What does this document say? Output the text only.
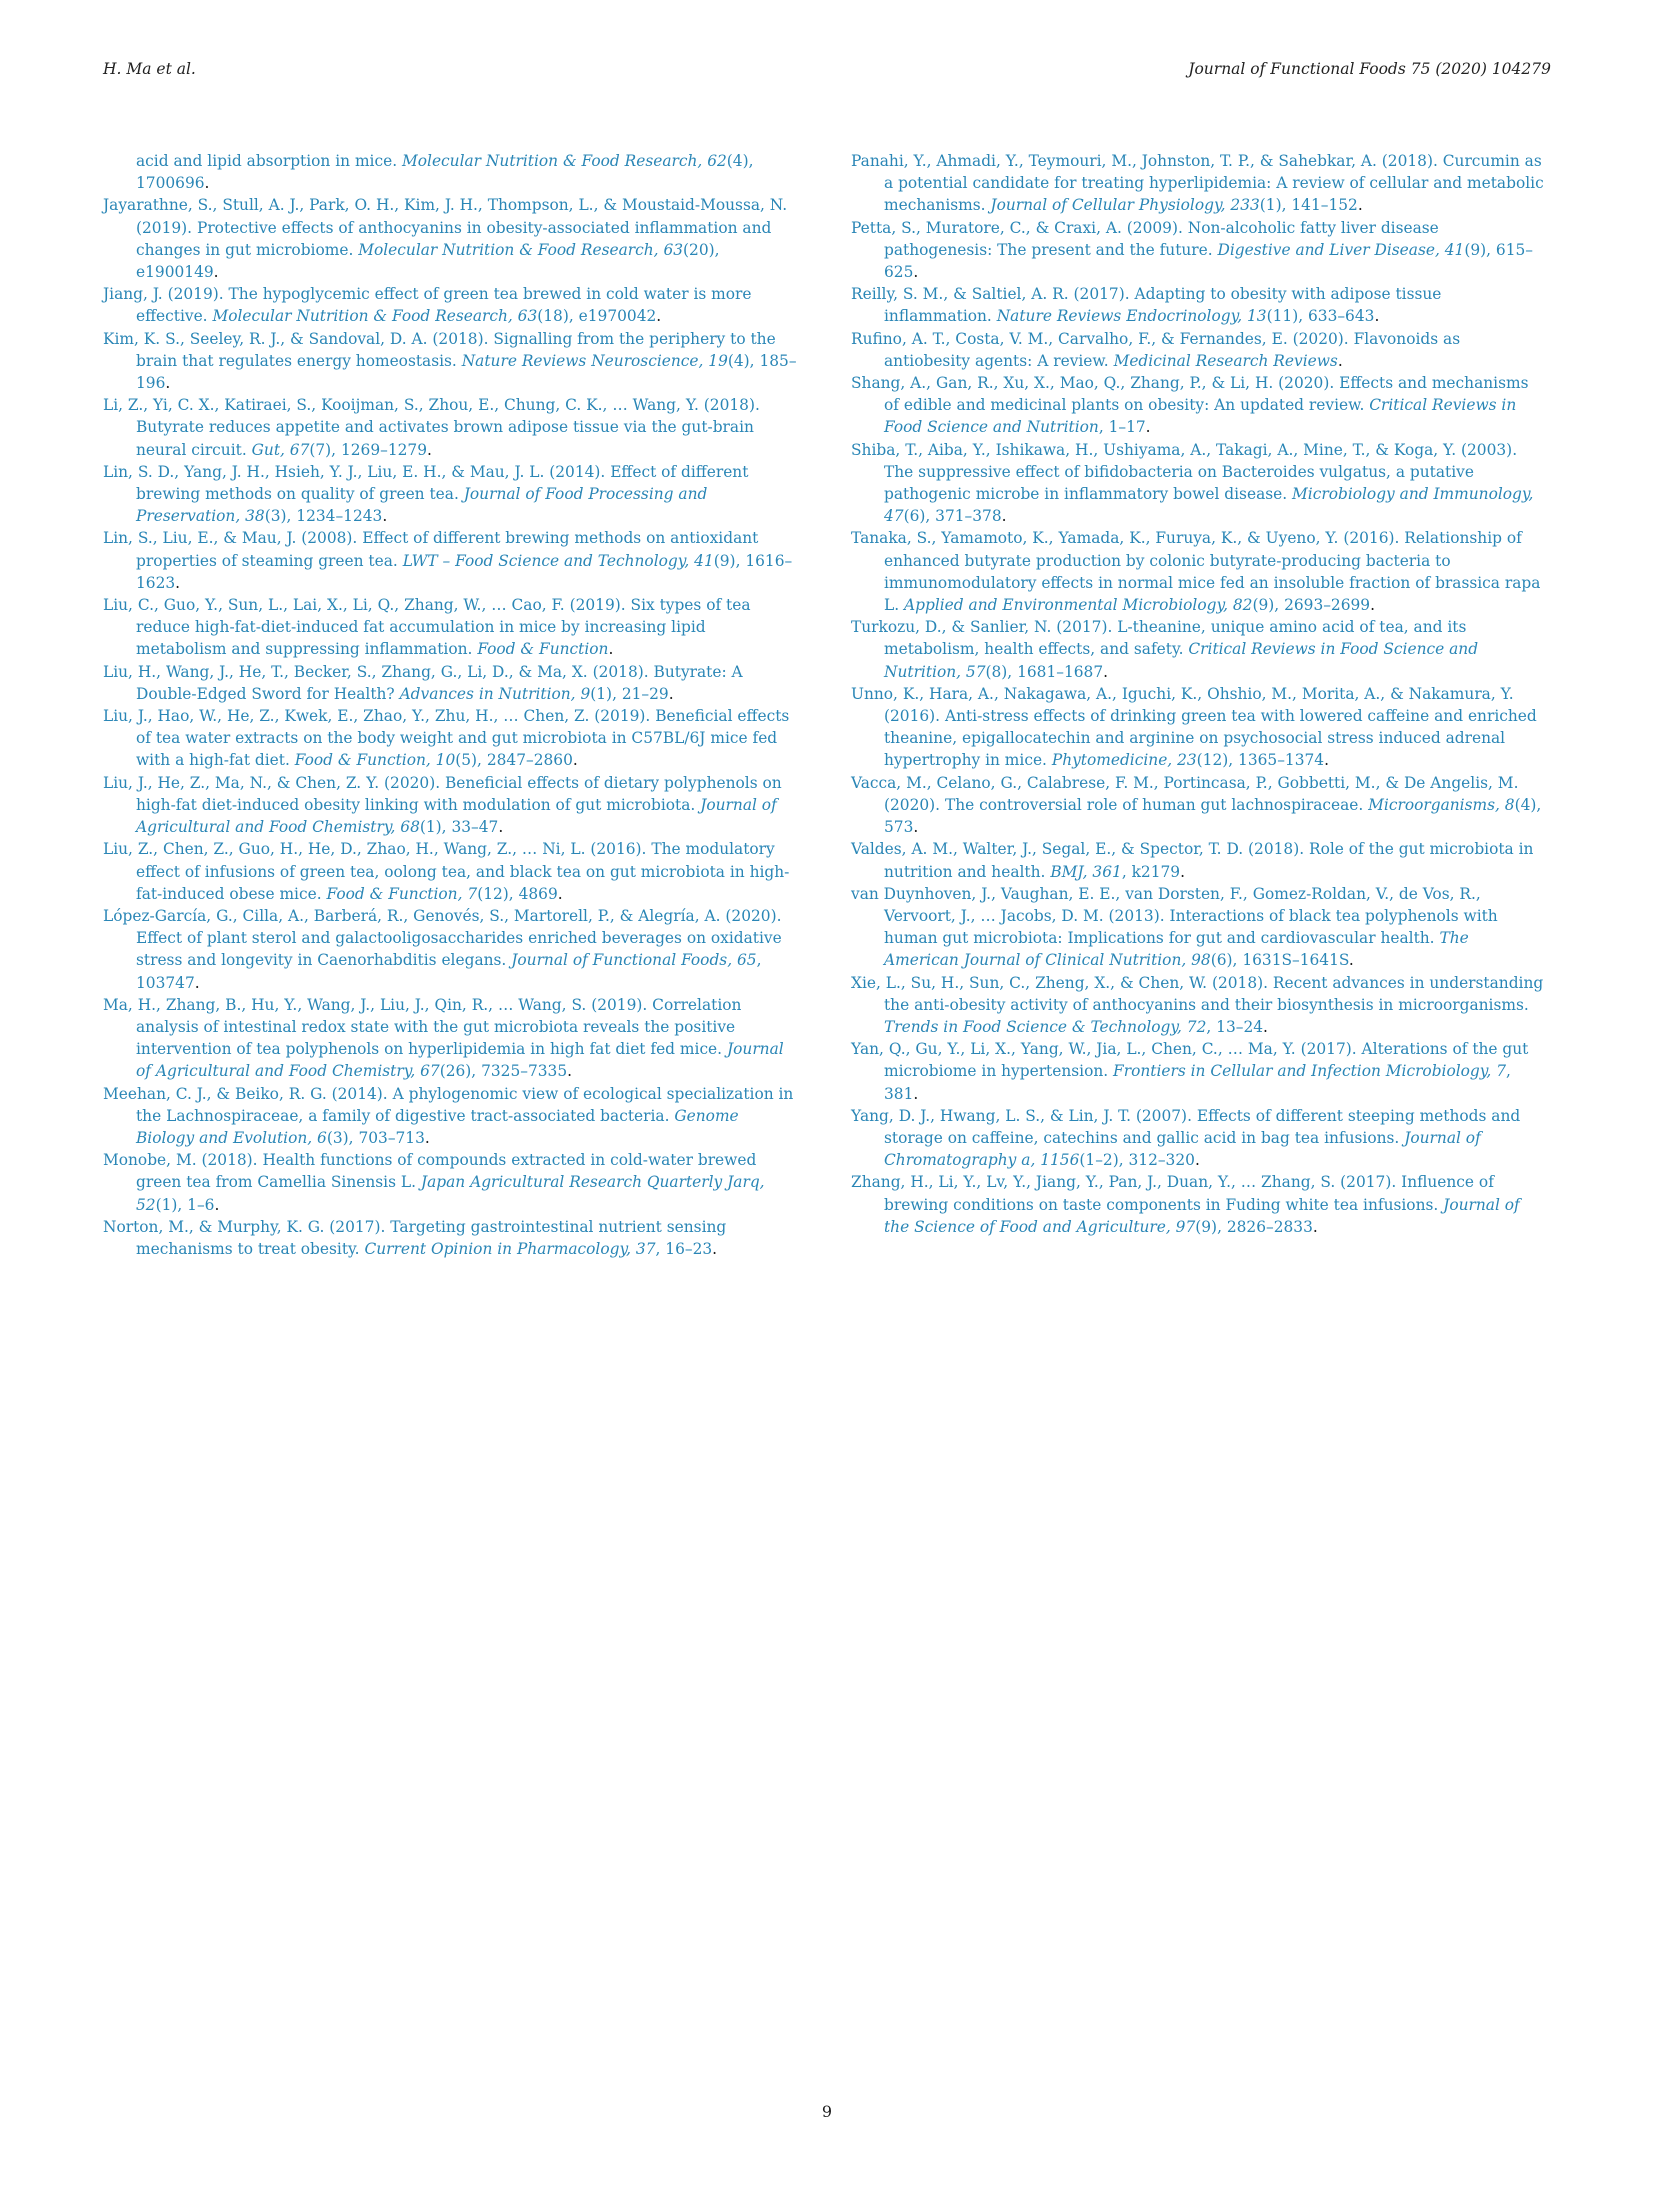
H. Ma et al.	Journal of Functional Foods 75 (2020) 104279
acid and lipid absorption in mice. Molecular Nutrition & Food Research, 62(4), 1700696.
Jayarathne, S., Stull, A. J., Park, O. H., Kim, J. H., Thompson, L., & Moustaid-Moussa, N. (2019). Protective effects of anthocyanins in obesity-associated inflammation and changes in gut microbiome. Molecular Nutrition & Food Research, 63(20), e1900149.
Jiang, J. (2019). The hypoglycemic effect of green tea brewed in cold water is more effective. Molecular Nutrition & Food Research, 63(18), e1970042.
Kim, K. S., Seeley, R. J., & Sandoval, D. A. (2018). Signalling from the periphery to the brain that regulates energy homeostasis. Nature Reviews Neuroscience, 19(4), 185–196.
Li, Z., Yi, C. X., Katiraei, S., Kooijman, S., Zhou, E., Chung, C. K., … Wang, Y. (2018). Butyrate reduces appetite and activates brown adipose tissue via the gut-brain neural circuit. Gut, 67(7), 1269–1279.
Lin, S. D., Yang, J. H., Hsieh, Y. J., Liu, E. H., & Mau, J. L. (2014). Effect of different brewing methods on quality of green tea. Journal of Food Processing and Preservation, 38(3), 1234–1243.
Lin, S., Liu, E., & Mau, J. (2008). Effect of different brewing methods on antioxidant properties of steaming green tea. LWT – Food Science and Technology, 41(9), 1616–1623.
Liu, C., Guo, Y., Sun, L., Lai, X., Li, Q., Zhang, W., … Cao, F. (2019). Six types of tea reduce high-fat-diet-induced fat accumulation in mice by increasing lipid metabolism and suppressing inflammation. Food & Function.
Liu, H., Wang, J., He, T., Becker, S., Zhang, G., Li, D., & Ma, X. (2018). Butyrate: A Double-Edged Sword for Health? Advances in Nutrition, 9(1), 21–29.
Liu, J., Hao, W., He, Z., Kwek, E., Zhao, Y., Zhu, H., … Chen, Z. (2019). Beneficial effects of tea water extracts on the body weight and gut microbiota in C57BL/6J mice fed with a high-fat diet. Food & Function, 10(5), 2847–2860.
Liu, J., He, Z., Ma, N., & Chen, Z. Y. (2020). Beneficial effects of dietary polyphenols on high-fat diet-induced obesity linking with modulation of gut microbiota. Journal of Agricultural and Food Chemistry, 68(1), 33–47.
Liu, Z., Chen, Z., Guo, H., He, D., Zhao, H., Wang, Z., … Ni, L. (2016). The modulatory effect of infusions of green tea, oolong tea, and black tea on gut microbiota in high-fat-induced obese mice. Food & Function, 7(12), 4869.
López-García, G., Cilla, A., Barberá, R., Genovés, S., Martorell, P., & Alegría, A. (2020). Effect of plant sterol and galactooligosaccharides enriched beverages on oxidative stress and longevity in Caenorhabditis elegans. Journal of Functional Foods, 65, 103747.
Ma, H., Zhang, B., Hu, Y., Wang, J., Liu, J., Qin, R., … Wang, S. (2019). Correlation analysis of intestinal redox state with the gut microbiota reveals the positive intervention of tea polyphenols on hyperlipidemia in high fat diet fed mice. Journal of Agricultural and Food Chemistry, 67(26), 7325–7335.
Meehan, C. J., & Beiko, R. G. (2014). A phylogenomic view of ecological specialization in the Lachnospiraceae, a family of digestive tract-associated bacteria. Genome Biology and Evolution, 6(3), 703–713.
Monobe, M. (2018). Health functions of compounds extracted in cold-water brewed green tea from Camellia Sinensis L. Japan Agricultural Research Quarterly Jarq, 52(1), 1–6.
Norton, M., & Murphy, K. G. (2017). Targeting gastrointestinal nutrient sensing mechanisms to treat obesity. Current Opinion in Pharmacology, 37, 16–23.
Panahi, Y., Ahmadi, Y., Teymouri, M., Johnston, T. P., & Sahebkar, A. (2018). Curcumin as a potential candidate for treating hyperlipidemia: A review of cellular and metabolic mechanisms. Journal of Cellular Physiology, 233(1), 141–152.
Petta, S., Muratore, C., & Craxi, A. (2009). Non-alcoholic fatty liver disease pathogenesis: The present and the future. Digestive and Liver Disease, 41(9), 615–625.
Reilly, S. M., & Saltiel, A. R. (2017). Adapting to obesity with adipose tissue inflammation. Nature Reviews Endocrinology, 13(11), 633–643.
Rufino, A. T., Costa, V. M., Carvalho, F., & Fernandes, E. (2020). Flavonoids as antiobesity agents: A review. Medicinal Research Reviews.
Shang, A., Gan, R., Xu, X., Mao, Q., Zhang, P., & Li, H. (2020). Effects and mechanisms of edible and medicinal plants on obesity: An updated review. Critical Reviews in Food Science and Nutrition, 1–17.
Shiba, T., Aiba, Y., Ishikawa, H., Ushiyama, A., Takagi, A., Mine, T., & Koga, Y. (2003). The suppressive effect of bifidobacteria on Bacteroides vulgatus, a putative pathogenic microbe in inflammatory bowel disease. Microbiology and Immunology, 47(6), 371–378.
Tanaka, S., Yamamoto, K., Yamada, K., Furuya, K., & Uyeno, Y. (2016). Relationship of enhanced butyrate production by colonic butyrate-producing bacteria to immunomodulatory effects in normal mice fed an insoluble fraction of brassica rapa L. Applied and Environmental Microbiology, 82(9), 2693–2699.
Turkozu, D., & Sanlier, N. (2017). L-theanine, unique amino acid of tea, and its metabolism, health effects, and safety. Critical Reviews in Food Science and Nutrition, 57(8), 1681–1687.
Unno, K., Hara, A., Nakagawa, A., Iguchi, K., Ohshio, M., Morita, A., & Nakamura, Y. (2016). Anti-stress effects of drinking green tea with lowered caffeine and enriched theanine, epigallocatechin and arginine on psychosocial stress induced adrenal hypertrophy in mice. Phytomedicine, 23(12), 1365–1374.
Vacca, M., Celano, G., Calabrese, F. M., Portincasa, P., Gobbetti, M., & De Angelis, M. (2020). The controversial role of human gut lachnospiraceae. Microorganisms, 8(4), 573.
Valdes, A. M., Walter, J., Segal, E., & Spector, T. D. (2018). Role of the gut microbiota in nutrition and health. BMJ, 361, k2179.
van Duynhoven, J., Vaughan, E. E., van Dorsten, F., Gomez-Roldan, V., de Vos, R., Vervoort, J., … Jacobs, D. M. (2013). Interactions of black tea polyphenols with human gut microbiota: Implications for gut and cardiovascular health. The American Journal of Clinical Nutrition, 98(6), 1631S–1641S.
Xie, L., Su, H., Sun, C., Zheng, X., & Chen, W. (2018). Recent advances in understanding the anti-obesity activity of anthocyanins and their biosynthesis in microorganisms. Trends in Food Science & Technology, 72, 13–24.
Yan, Q., Gu, Y., Li, X., Yang, W., Jia, L., Chen, C., … Ma, Y. (2017). Alterations of the gut microbiome in hypertension. Frontiers in Cellular and Infection Microbiology, 7, 381.
Yang, D. J., Hwang, L. S., & Lin, J. T. (2007). Effects of different steeping methods and storage on caffeine, catechins and gallic acid in bag tea infusions. Journal of Chromatography a, 1156(1–2), 312–320.
Zhang, H., Li, Y., Lv, Y., Jiang, Y., Pan, J., Duan, Y., … Zhang, S. (2017). Influence of brewing conditions on taste components in Fuding white tea infusions. Journal of the Science of Food and Agriculture, 97(9), 2826–2833.
9
